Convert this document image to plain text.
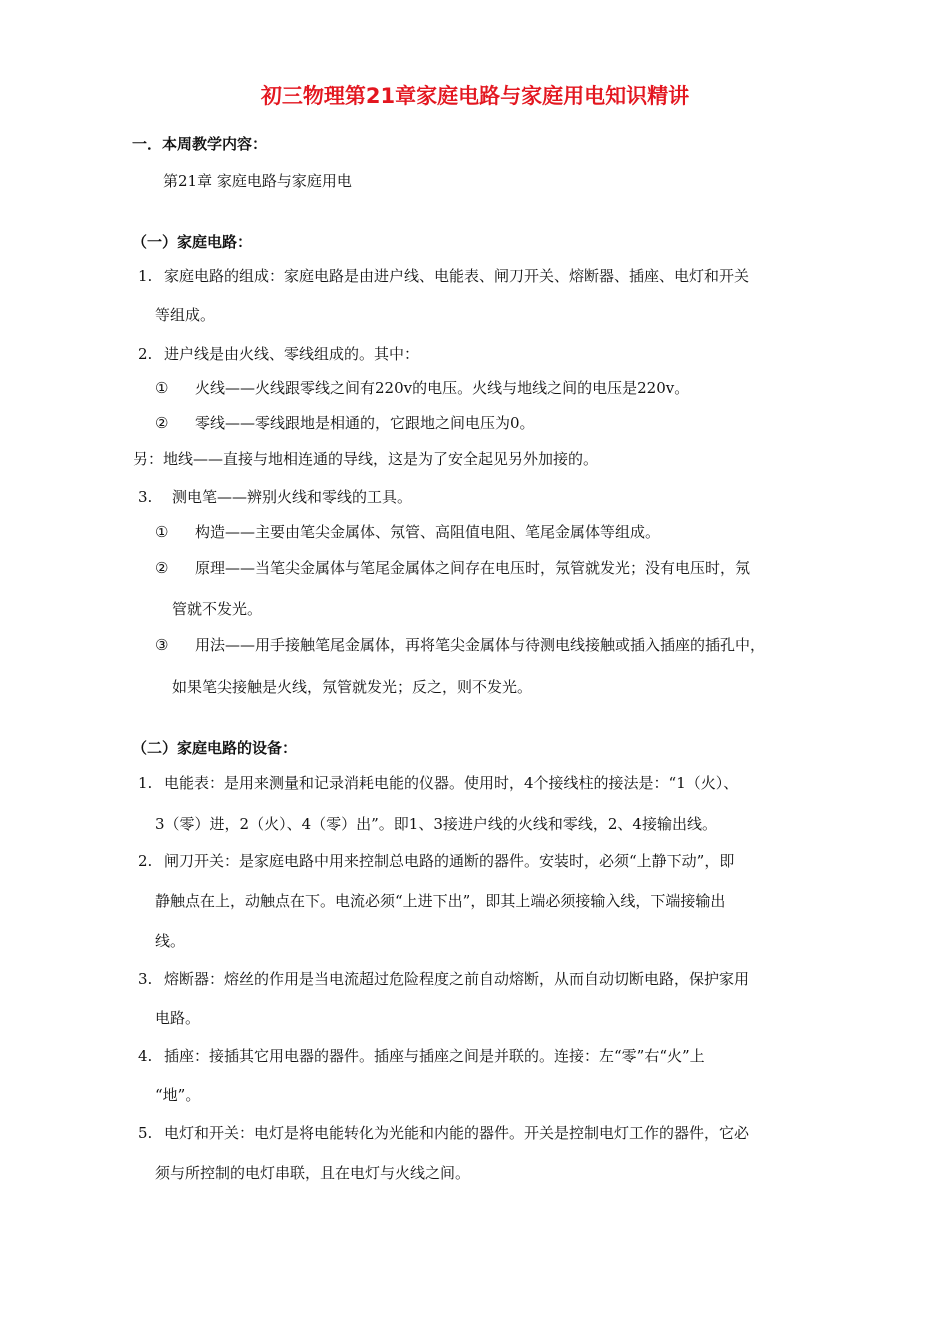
初三物理第21章家庭电路与家庭用电知识精讲
一．本周教学内容：
第21章 家庭电路与家庭用电
（一）家庭电路：
1. 家庭电路的组成：家庭电路是由进户线、电能表、闸刀开关、熔断器、插座、电灯和开关
等组成。
2. 进户线是由火线、零线组成的。其中：
① 火线——火线跟零线之间有220v的电压。火线与地线之间的电压是220v。
② 零线——零线跟地是相通的，它跟地之间电压为0。
另：地线——直接与地相连通的导线，这是为了安全起见另外加接的。
3. 测电笔——辨别火线和零线的工具。
① 构造——主要由笔尖金属体、氖管、高阻值电阻、笔尾金属体等组成。
② 原理——当笔尖金属体与笔尾金属体之间存在电压时，氖管就发光；没有电压时，氖
管就不发光。
③ 用法——用手接触笔尾金属体，再将笔尖金属体与待测电线接触或插入插座的插孔中，
如果笔尖接触是火线，氖管就发光；反之，则不发光。
（二）家庭电路的设备：
1. 电能表：是用来测量和记录消耗电能的仪器。使用时，4个接线柱的接法是：“1（火）、
3（零）进，2（火）、4（零）出”。即1、3接进户线的火线和零线，2、4接输出线。
2. 闸刀开关：是家庭电路中用来控制总电路的通断的器件。安装时，必须“上静下动”，即
静触点在上，动触点在下。电流必须“上进下出”，即其上端必须接输入线，下端接输出
线。
3. 熔断器：熔丝的作用是当电流超过危险程度之前自动熔断，从而自动切断电路，保护家用
电路。
4. 插座：接插其它用电器的器件。插座与插座之间是并联的。连接：左“零”右“火”上
“地”。
5. 电灯和开关：电灯是将电能转化为光能和内能的器件。开关是控制电灯工作的器件，它必
须与所控制的电灯串联，且在电灯与火线之间。
